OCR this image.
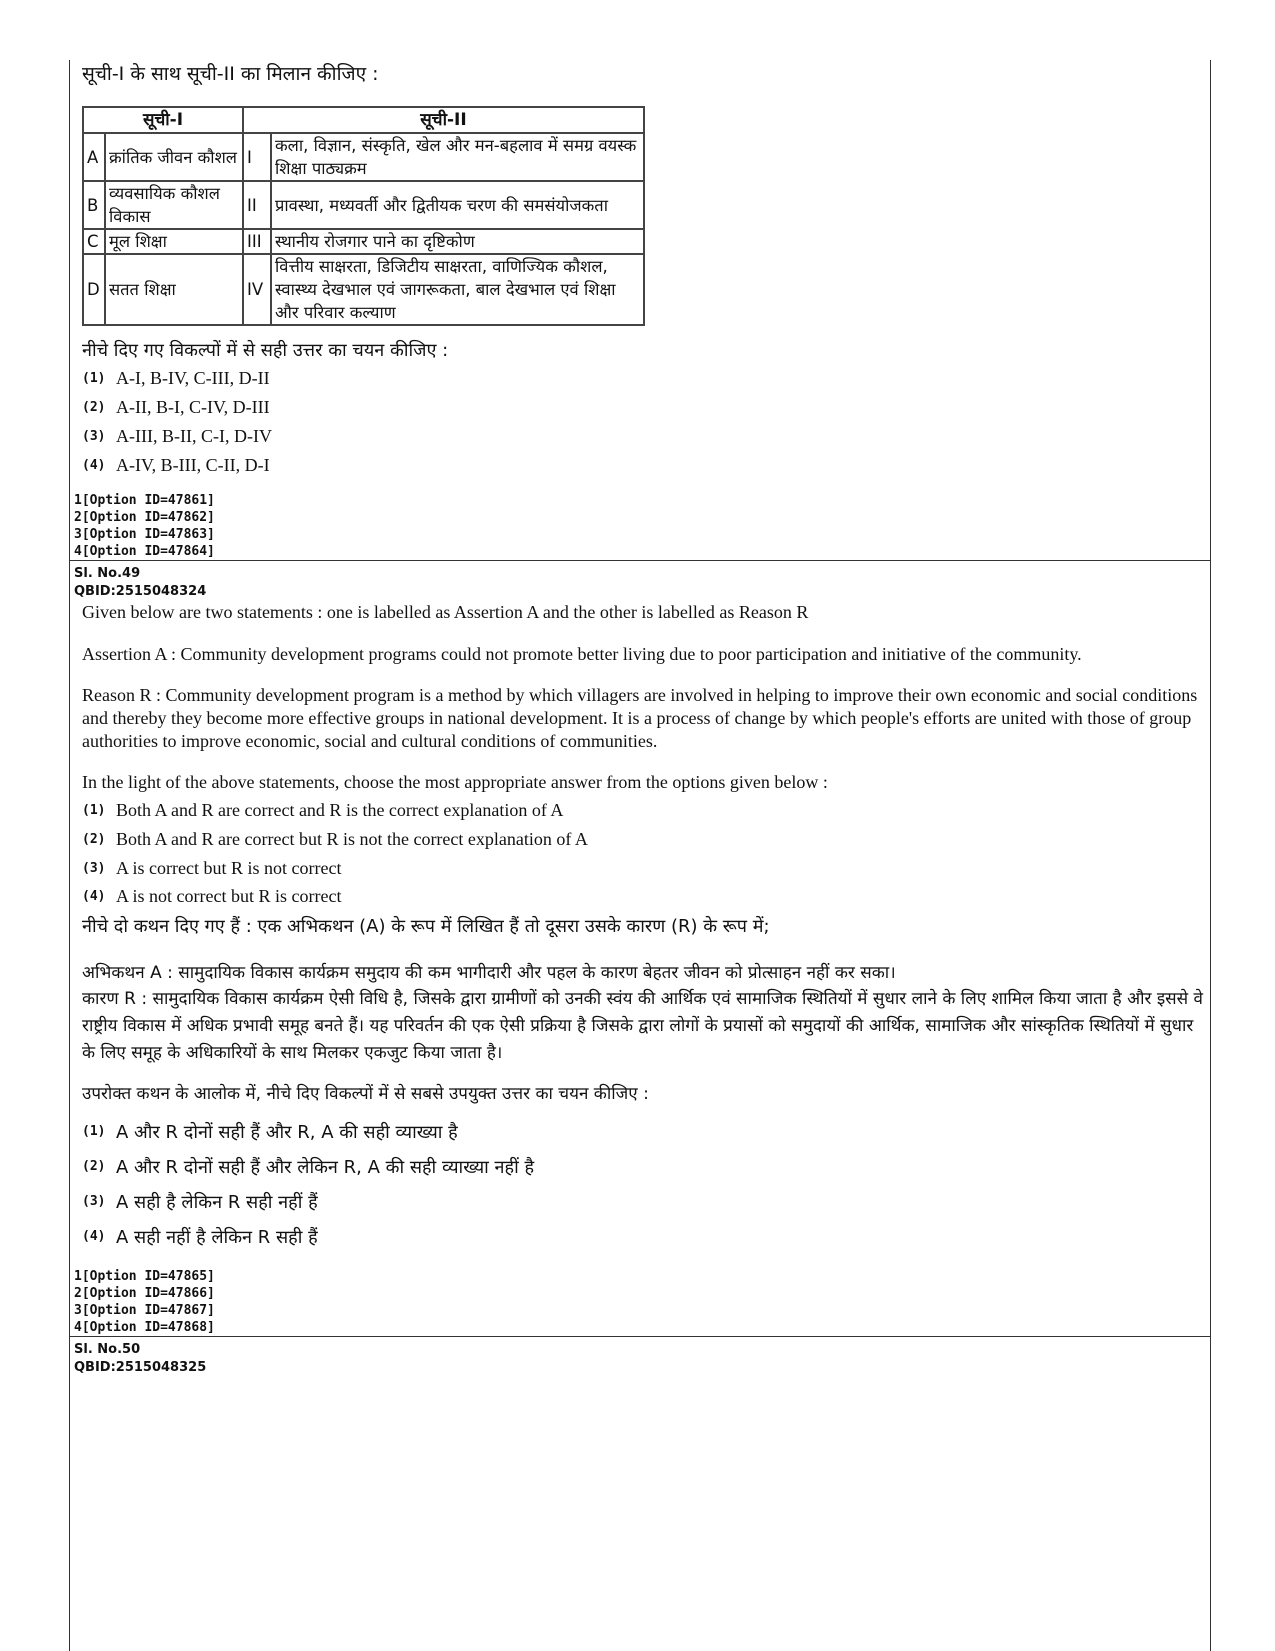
सूची-I के साथ सूची-II का मिलान कीजिए :
सूची-I		सूची-II	
A	क्रांतिक जीवन कौशल	I	कला, विज्ञान, संस्कृति, खेल और मन-बहलाव में समग्र वयस्क शिक्षा पाठ्यक्रम
B	व्यवसायिक कौशल विकास	II	प्रावस्था, मध्यवर्ती और द्वितीयक चरण की समसंयोजकता
C	मूल शिक्षा	III	स्थानीय रोजगार पाने का दृष्टिकोण
D	सतत शिक्षा	IV	वित्तीय साक्षरता, डिजिटीय साक्षरता, वाणिज्यिक कौशल, स्वास्थ्य देखभाल एवं जागरूकता, बाल देखभाल एवं शिक्षा और परिवार कल्याण
नीचे दिए गए विकल्पों में से सही उत्तर का चयन कीजिए :
(1) A-I, B-IV, C-III, D-II
(2) A-II, B-I, C-IV, D-III
(3) A-III, B-II, C-I, D-IV
(4) A-IV, B-III, C-II, D-I
1[Option ID=47861]
2[Option ID=47862]
3[Option ID=47863]
4[Option ID=47864]
Sl. No.49
QBID:2515048324
Given below are two statements : one is labelled as Assertion A and the other is labelled as Reason R
Assertion A : Community development programs could not promote better living due to poor participation and initiative of the community.
Reason R : Community development program is a method by which villagers are involved in helping to improve their own economic and social conditions and thereby they become more effective groups in national development. It is a process of change by which people's efforts are united with those of group authorities to improve economic, social and cultural conditions of communities.
In the light of the above statements, choose the most appropriate answer from the options given below :
(1) Both A and R are correct and R is the correct explanation of A
(2) Both A and R are correct but R is not the correct explanation of A
(3) A is correct but R is not correct
(4) A is not correct but R is correct
नीचे दो कथन दिए गए हैं : एक अभिकथन (A) के रूप में लिखित हैं तो दूसरा उसके कारण (R) के रूप में;
अभिकथन A : सामुदायिक विकास कार्यक्रम समुदाय की कम भागीदारी और पहल के कारण बेहतर जीवन को प्रोत्साहन नहीं कर सका।
कारण R : सामुदायिक विकास कार्यक्रम ऐसी विधि है, जिसके द्वारा ग्रामीणों को उनकी स्वंय की आर्थिक एवं सामाजिक स्थितियों में सुधार लाने के लिए शामिल किया जाता है और इससे वे राष्ट्रीय विकास में अधिक प्रभावी समूह बनते हैं। यह परिवर्तन की एक ऐसी प्रक्रिया है जिसके द्वारा लोगों के प्रयासों को समुदायों की आर्थिक, सामाजिक और सांस्कृतिक स्थितियों में सुधार के लिए समूह के अधिकारियों के साथ मिलकर एकजुट किया जाता है।
उपरोक्त कथन के आलोक में, नीचे दिए विकल्पों में से सबसे उपयुक्त उत्तर का चयन कीजिए :
(1) A और R दोनों सही हैं और R, A की सही व्याख्या है
(2) A और R दोनों सही हैं और लेकिन R, A की सही व्याख्या नहीं है
(3) A सही है लेकिन R सही नहीं हैं
(4) A सही नहीं है लेकिन R सही हैं
1[Option ID=47865]
2[Option ID=47866]
3[Option ID=47867]
4[Option ID=47868]
Sl. No.50
QBID:2515048325
